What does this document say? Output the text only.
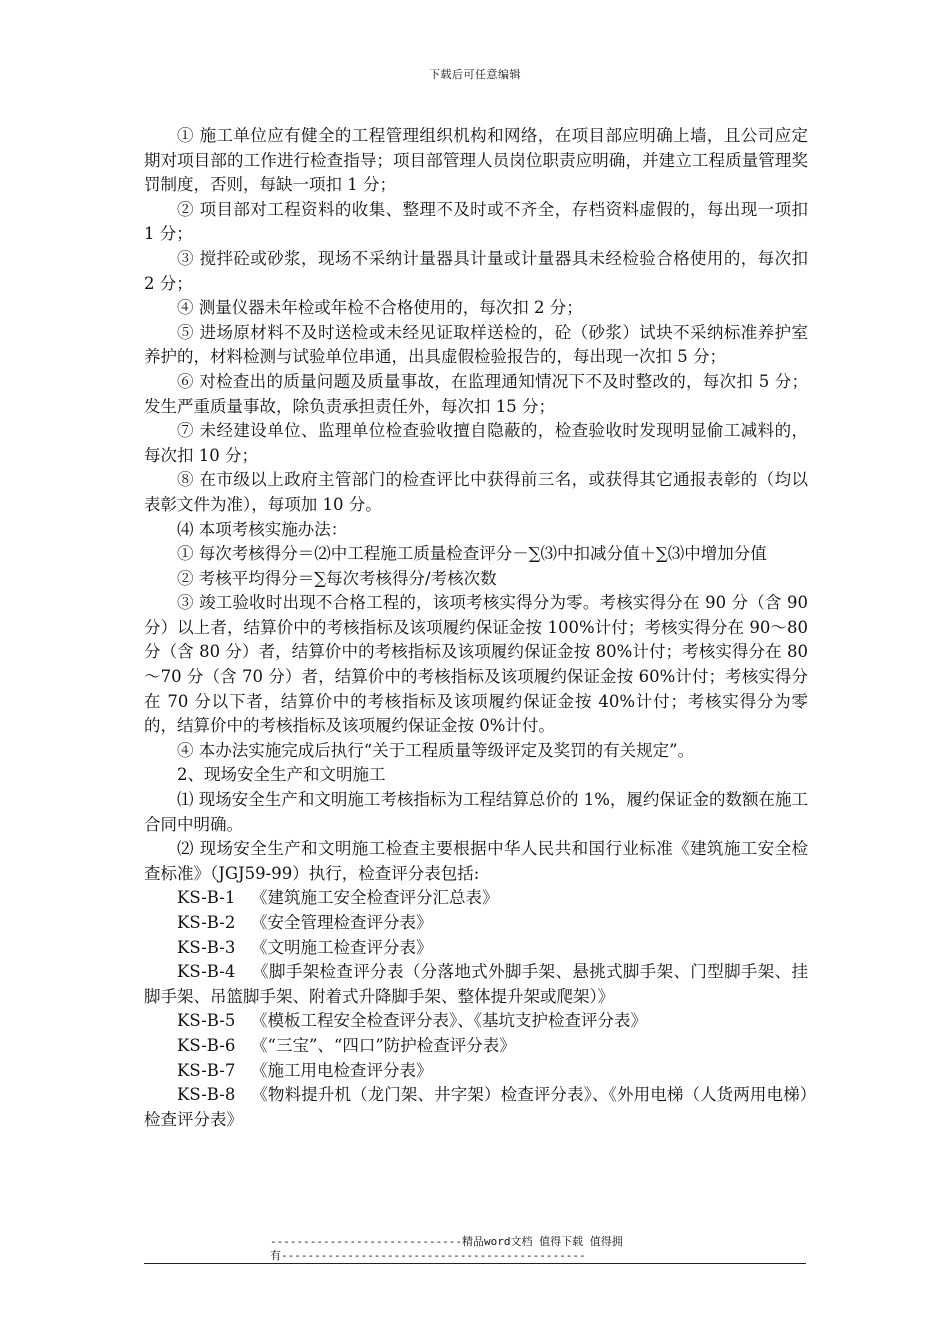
下载后可任意编辑

① 施工单位应有健全的工程管理组织机构和网络，在项目部应明确上墙，且公司应定期对项目部的工作进行检查指导；项目部管理人员岗位职责应明确，并建立工程质量管理奖罚制度，否则，每缺一项扣 1 分；

② 项目部对工程资料的收集、整理不及时或不齐全，存档资料虚假的，每出现一项扣 1 分；

③ 搅拌砼或砂浆，现场不采纳计量器具计量或计量器具未经检验合格使用的，每次扣 2 分；

④ 测量仪器未年检或年检不合格使用的，每次扣 2 分；

⑤ 进场原材料不及时送检或未经见证取样送检的，砼（砂浆）试块不采纳标准养护室养护的，材料检测与试验单位串通，出具虚假检验报告的，每出现一次扣 5 分；

⑥ 对检查出的质量问题及质量事故，在监理通知情况下不及时整改的，每次扣 5 分；发生严重质量事故，除负责承担责任外，每次扣 15 分；

⑦ 未经建设单位、监理单位检查验收擅自隐蔽的，检查验收时发现明显偷工减料的，每次扣 10 分；

⑧ 在市级以上政府主管部门的检查评比中获得前三名，或获得其它通报表彰的（均以表彰文件为准），每项加 10 分。

⑷ 本项考核实施办法：

① 每次考核得分＝⑵中工程施工质量检查评分－∑⑶中扣减分值＋∑⑶中增加分值

② 考核平均得分＝∑每次考核得分/考核次数

③ 竣工验收时出现不合格工程的，该项考核实得分为零。考核实得分在 90 分（含 90 分）以上者，结算价中的考核指标及该项履约保证金按 100%计付；考核实得分在 90～80 分（含 80 分）者，结算价中的考核指标及该项履约保证金按 80%计付；考核实得分在 80～70 分（含 70 分）者，结算价中的考核指标及该项履约保证金按 60%计付；考核实得分在 70 分以下者，结算价中的考核指标及该项履约保证金按 40%计付；考核实得分为零的，结算价中的考核指标及该项履约保证金按 0%计付。

④ 本办法实施完成后执行“关于工程质量等级评定及奖罚的有关规定”。

2、现场安全生产和文明施工

⑴ 现场安全生产和文明施工考核指标为工程结算总价的 1%，履约保证金的数额在施工合同中明确。

⑵ 现场安全生产和文明施工检查主要根据中华人民共和国行业标准《建筑施工安全检查标准》（JGJ59-99）执行，检查评分表包括:

KS-B-1   《建筑施工安全检查评分汇总表》

KS-B-2   《安全管理检查评分表》

KS-B-3   《文明施工检查评分表》

KS-B-4   《脚手架检查评分表（分落地式外脚手架、悬挑式脚手架、门型脚手架、挂脚手架、吊篮脚手架、附着式升降脚手架、整体提升架或爬架）》

KS-B-5   《模板工程安全检查评分表》、《基坑支护检查评分表》

KS-B-6   《“三宝”、“四口”防护检查评分表》

KS-B-7   《施工用电检查评分表》

KS-B-8   《物料提升机（龙门架、井字架）检查评分表》、《外用电梯（人货两用电梯）检查评分表》

-----------------------------精品word文档 值得下载 值得拥
有----------------------------------------------
